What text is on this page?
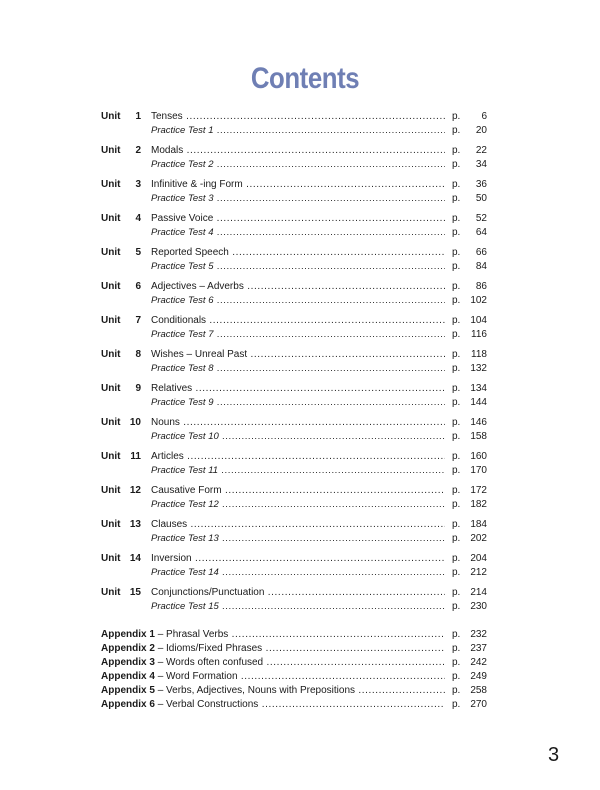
Contents
Unit	1 Tenses .....	p.	6
Practice Test 1 .....	p.	20
Unit	2 Modals .....	p.	22
Practice Test 2 .....	p.	34
Unit	3 Infinitive & -ing Form .....	p.	36
Practice Test 3 .....	p.	50
Unit	4 Passive Voice .....	p.	52
Practice Test 4 .....	p.	64
Unit	5 Reported Speech .....	p.	66
Practice Test 5 .....	p.	84
Unit	6 Adjectives – Adverbs .....	p.	86
Practice Test 6 .....	p. 102
Unit	7 Conditionals .....	p. 104
Practice Test 7 .....	p.	116
Unit	8 Wishes – Unreal Past .....	p.	118
Practice Test 8 .....	p. 132
Unit	9 Relatives .....	p. 134
Practice Test 9 .....	p. 144
Unit 10 Nouns .....	p. 146
Practice Test 10 .....	p. 158
Unit 11 Articles .....	p. 160
Practice Test 11 .....	p. 170
Unit 12 Causative Form .....	p. 172
Practice Test 12 .....	p. 182
Unit 13 Clauses .....	p. 184
Practice Test 13 .....	p. 202
Unit 14 Inversion .....	p. 204
Practice Test 14 .....	p. 212
Unit 15 Conjunctions/Punctuation .....	p. 214
Practice Test 15 .....	p. 230
Appendix 1 – Phrasal Verbs .....	p. 232
Appendix 2 – Idioms/Fixed Phrases .....	p. 237
Appendix 3 – Words often confused .....	p. 242
Appendix 4 – Word Formation .....	p. 249
Appendix 5 – Verbs, Adjectives, Nouns with Prepositions .....	p. 258
Appendix 6 – Verbal Constructions .....	p. 270
3
